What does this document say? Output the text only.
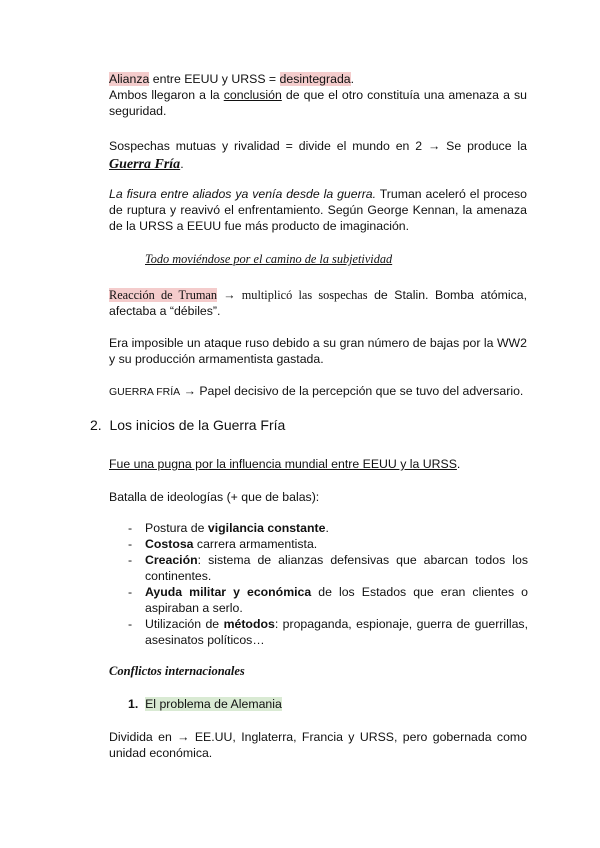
Alianza entre EEUU y URSS = desintegrada.
Ambos llegaron a la conclusión de que el otro constituía una amenaza a su seguridad.
Sospechas mutuas y rivalidad = divide el mundo en 2 → Se produce la Guerra Fría.
La fisura entre aliados ya venía desde la guerra. Truman aceleró el proceso de ruptura y reavivó el enfrentamiento. Según George Kennan, la amenaza de la URSS a EEUU fue más producto de imaginación.
Todo moviéndose por el camino de la subjetividad
Reacción de Truman → multiplicó las sospechas de Stalin. Bomba atómica, afectaba a “débiles”.
Era imposible un ataque ruso debido a su gran número de bajas por la WW2 y su producción armamentista gastada.
GUERRA FRÍA → Papel decisivo de la percepción que se tuvo del adversario.
2. Los inicios de la Guerra Fría
Fue una pugna por la influencia mundial entre EEUU y la URSS.
Batalla de ideologías (+ que de balas):
- Postura de vigilancia constante.
- Costosa carrera armamentista.
- Creación: sistema de alianzas defensivas que abarcan todos los continentes.
- Ayuda militar y económica de los Estados que eran clientes o aspiraban a serlo.
- Utilización de métodos: propaganda, espionaje, guerra de guerrillas, asesinatos políticos…
Conflictos internacionales
1. El problema de Alemania
Dividida en → EE.UU, Inglaterra, Francia y URSS, pero gobernada como unidad económica.
